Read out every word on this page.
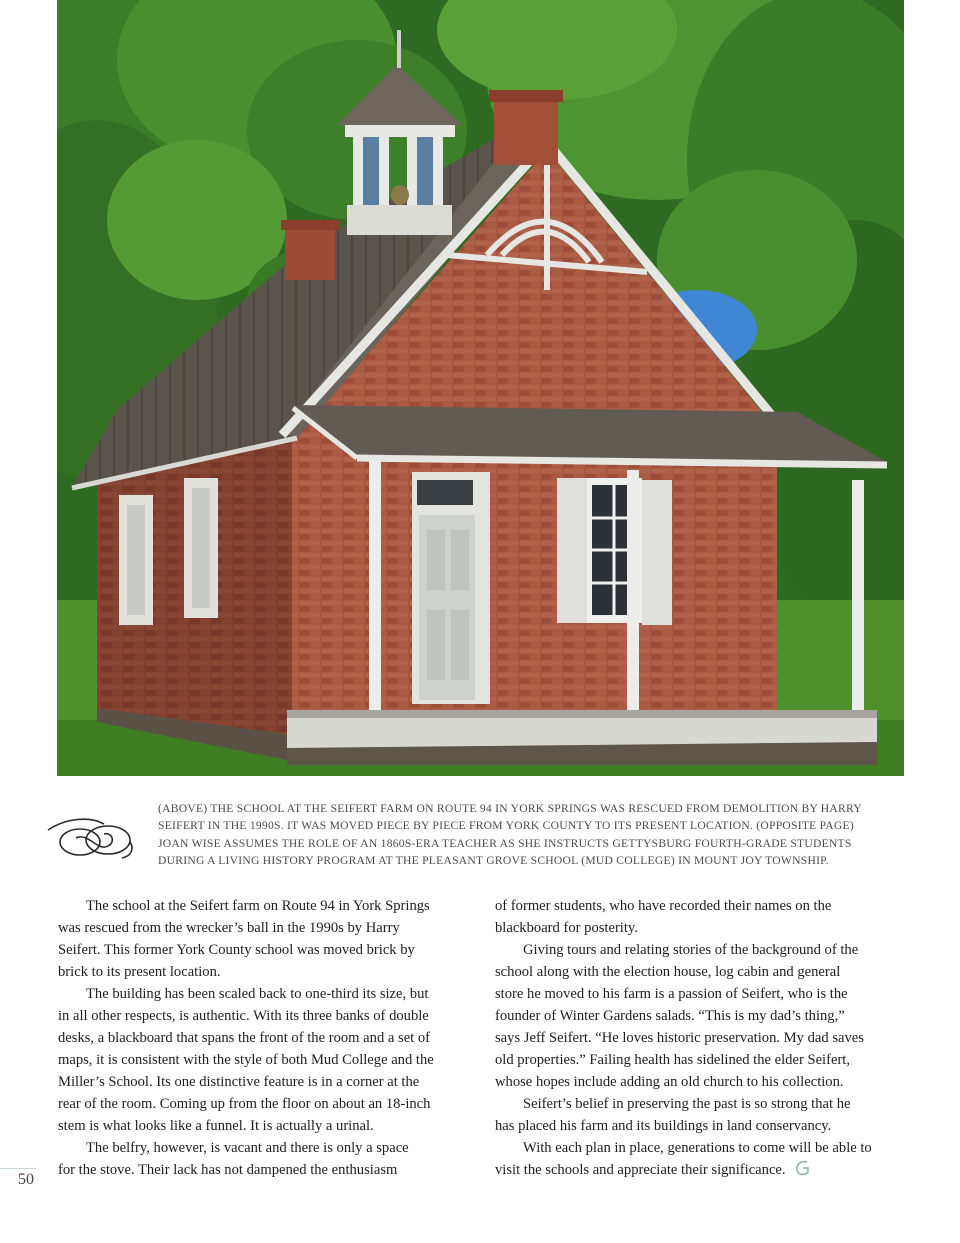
(ABOVE) THE SCHOOL AT THE SEIFERT FARM ON ROUTE 94 IN YORK SPRINGS WAS RESCUED FROM DEMOLITION BY HARRY

SEIFERT IN THE 1990S. IT WAS MOVED PIECE BY PIECE FROM YORK COUNTY TO ITS PRESENT LOCATION. (OPPOSITE PAGE)

JOAN WISE ASSUMES THE ROLE OF AN 1860S-ERA TEACHER AS SHE INSTRUCTS GETTYSBURG FOURTH-GRADE STUDENTS

DURING A LIVING HISTORY PROGRAM AT THE PLEASANT GROVE SCHOOL (MUD COLLEGE) IN MOUNT JOY TOWNSHIP.

The school at the Seifert farm on Route 94 in York Springs

was rescued from the wrecker’s ball in the 1990s by Harry

Seifert. This former York County school was moved brick by

brick to its present location.

The building has been scaled back to one-third its size, but

in all other respects, is authentic. With its three banks of double

desks, a blackboard that spans the front of the room and a set of

maps, it is consistent with the style of both Mud College and the

Miller’s School. Its one distinctive feature is in a corner at the

rear of the room. Coming up from the floor on about an 18-inch

stem is what looks like a funnel. It is actually a urinal.

The belfry, however, is vacant and there is only a space

for the stove. Their lack has not dampened the enthusiasm

of former students, who have recorded their names on the

blackboard for posterity.

Giving tours and relating stories of the background of the

school along with the election house, log cabin and general

store he moved to his farm is a passion of Seifert, who is the

founder of Winter Gardens salads. “This is my dad’s thing,”

says Jeff Seifert. “He loves historic preservation. My dad saves

old properties.” Failing health has sidelined the elder Seifert,

whose hopes include adding an old church to his collection.

Seifert’s belief in preserving the past is so strong that he

has placed his farm and its buildings in land conservancy.

With each plan in place, generations to come will be able to

visit the schools and appreciate their significance.

50
